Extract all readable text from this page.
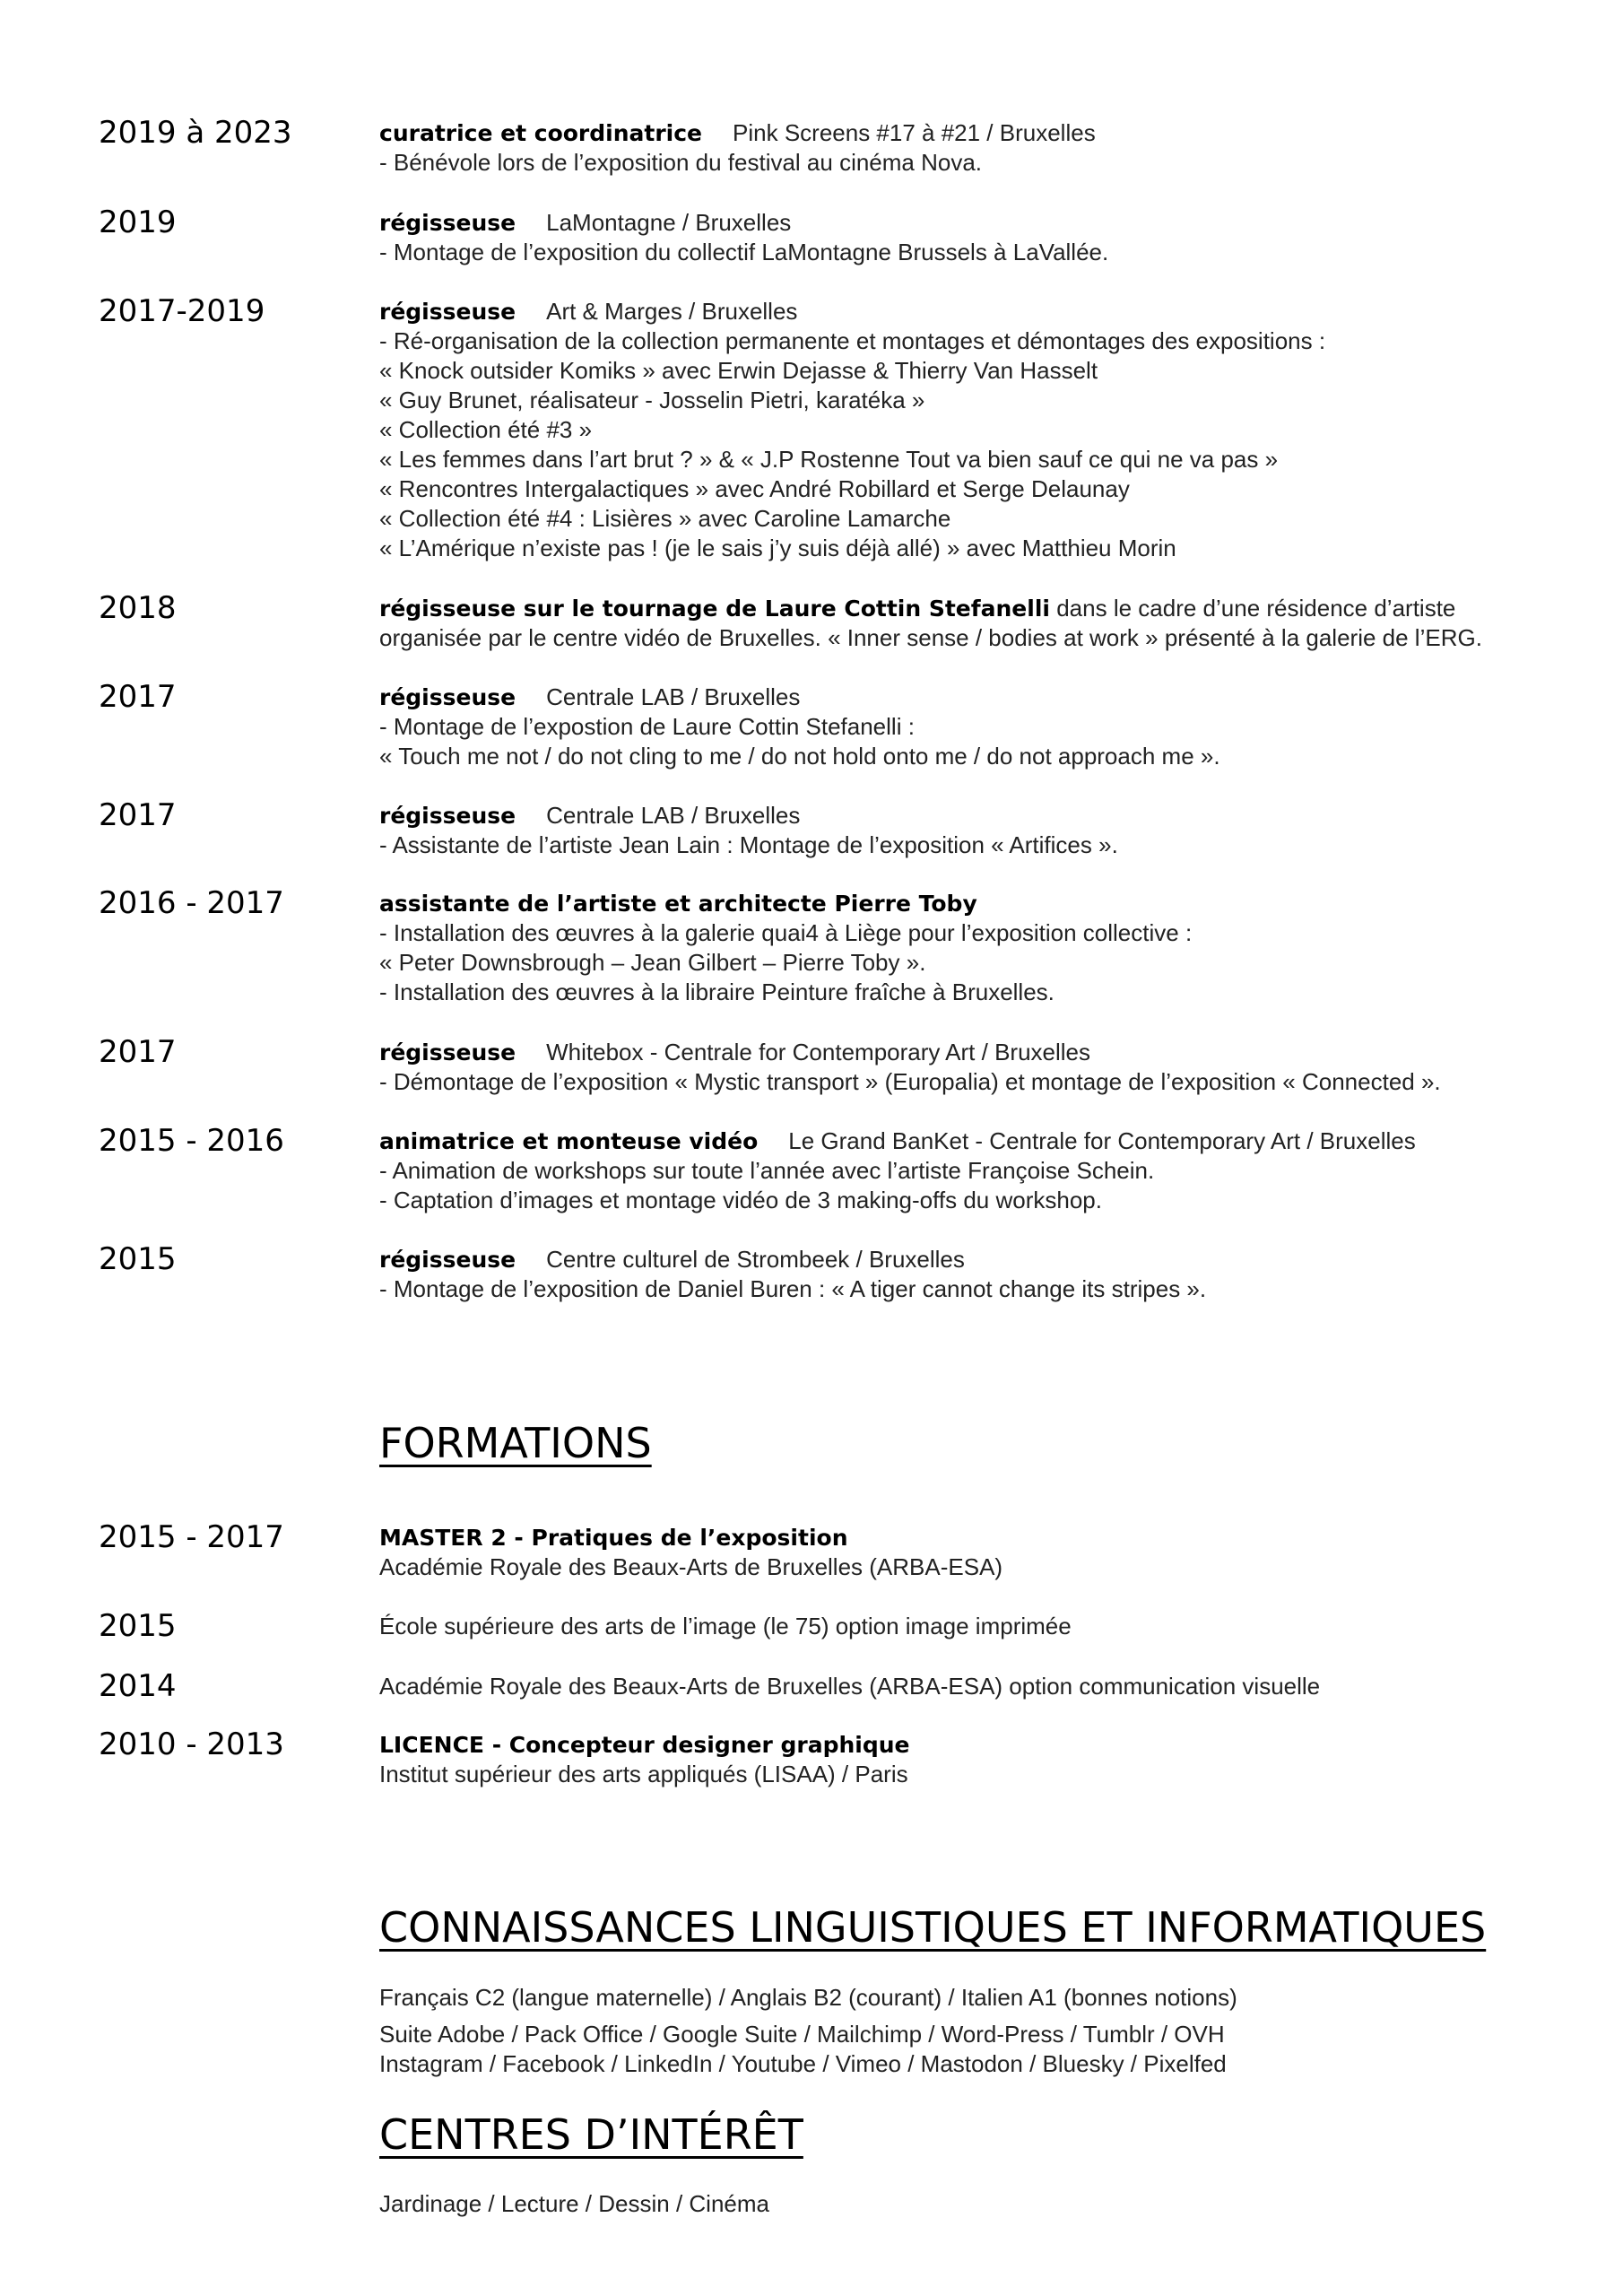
2019 à 2023	curatrice et coordinatrice Pink Screens #17 à #21 / Bruxelles
- Bénévole lors de l’exposition du festival au cinéma Nova.
2019	régisseuse LaMontagne / Bruxelles
- Montage de l’exposition du collectif LaMontagne Brussels à LaVallée.
2017-2019	régisseuse Art & Marges / Bruxelles
- Ré-organisation de la collection permanente et montages et démontages des expositions :
« Knock outsider Komiks » avec Erwin Dejasse & Thierry Van Hasselt
« Guy Brunet, réalisateur - Josselin Pietri, karatéka »
« Collection été #3 »
« Les femmes dans l’art brut ? » & « J.P Rostenne Tout va bien sauf ce qui ne va pas »
« Rencontres Intergalactiques » avec André Robillard et Serge Delaunay
« Collection été #4 : Lisières » avec Caroline Lamarche
« L’Amérique n’existe pas ! (je le sais j’y suis déjà allé) » avec Matthieu Morin
2018	régisseuse sur le tournage de Laure Cottin Stefanelli dans le cadre d’une résidence d’artiste
organisée par le centre vidéo de Bruxelles. « Inner sense / bodies at work » présenté à la galerie de l’ERG.
2017	régisseuse Centrale LAB / Bruxelles
- Montage de l’expostion de Laure Cottin Stefanelli :
« Touch me not / do not cling to me / do not hold onto me / do not approach me ».
2017	régisseuse Centrale LAB / Bruxelles
- Assistante de l’artiste Jean Lain : Montage de l’exposition « Artifices ».
2016 - 2017	assistante de l’artiste et architecte Pierre Toby
- Installation des œuvres à la galerie quai4 à Liège pour l’exposition collective :
« Peter Downsbrough – Jean Gilbert – Pierre Toby ».
- Installation des œuvres à la libraire Peinture fraîche à Bruxelles.
2017	régisseuse Whitebox - Centrale for Contemporary Art / Bruxelles
- Démontage de l’exposition « Mystic transport » (Europalia) et montage de l’exposition « Connected ».
2015 - 2016	animatrice et monteuse vidéo Le Grand BanKet - Centrale for Contemporary Art / Bruxelles
- Animation de workshops sur toute l’année avec l’artiste Françoise Schein.
- Captation d’images et montage vidéo de 3 making-offs du workshop.
2015	régisseuse Centre culturel de Strombeek / Bruxelles
- Montage de l’exposition de Daniel Buren : « A tiger cannot change its stripes ».
FORMATIONS
2015 - 2017	MASTER 2 - Pratiques de l’exposition
Académie Royale des Beaux-Arts de Bruxelles (ARBA-ESA)
2015	École supérieure des arts de l’image (le 75) option image imprimée
2014	Académie Royale des Beaux-Arts de Bruxelles (ARBA-ESA) option communication visuelle
2010 - 2013	LICENCE - Concepteur designer graphique
Institut supérieur des arts appliqués (LISAA) / Paris
CONNAISSANCES LINGUISTIQUES ET INFORMATIQUES
Français C2 (langue maternelle) / Anglais B2 (courant) / Italien A1 (bonnes notions)
Suite Adobe / Pack Office / Google Suite / Mailchimp / Word-Press / Tumblr / OVH
Instagram / Facebook / LinkedIn / Youtube / Vimeo / Mastodon / Bluesky / Pixelfed
CENTRES D’INTÉRÊT
Jardinage / Lecture / Dessin / Cinéma
